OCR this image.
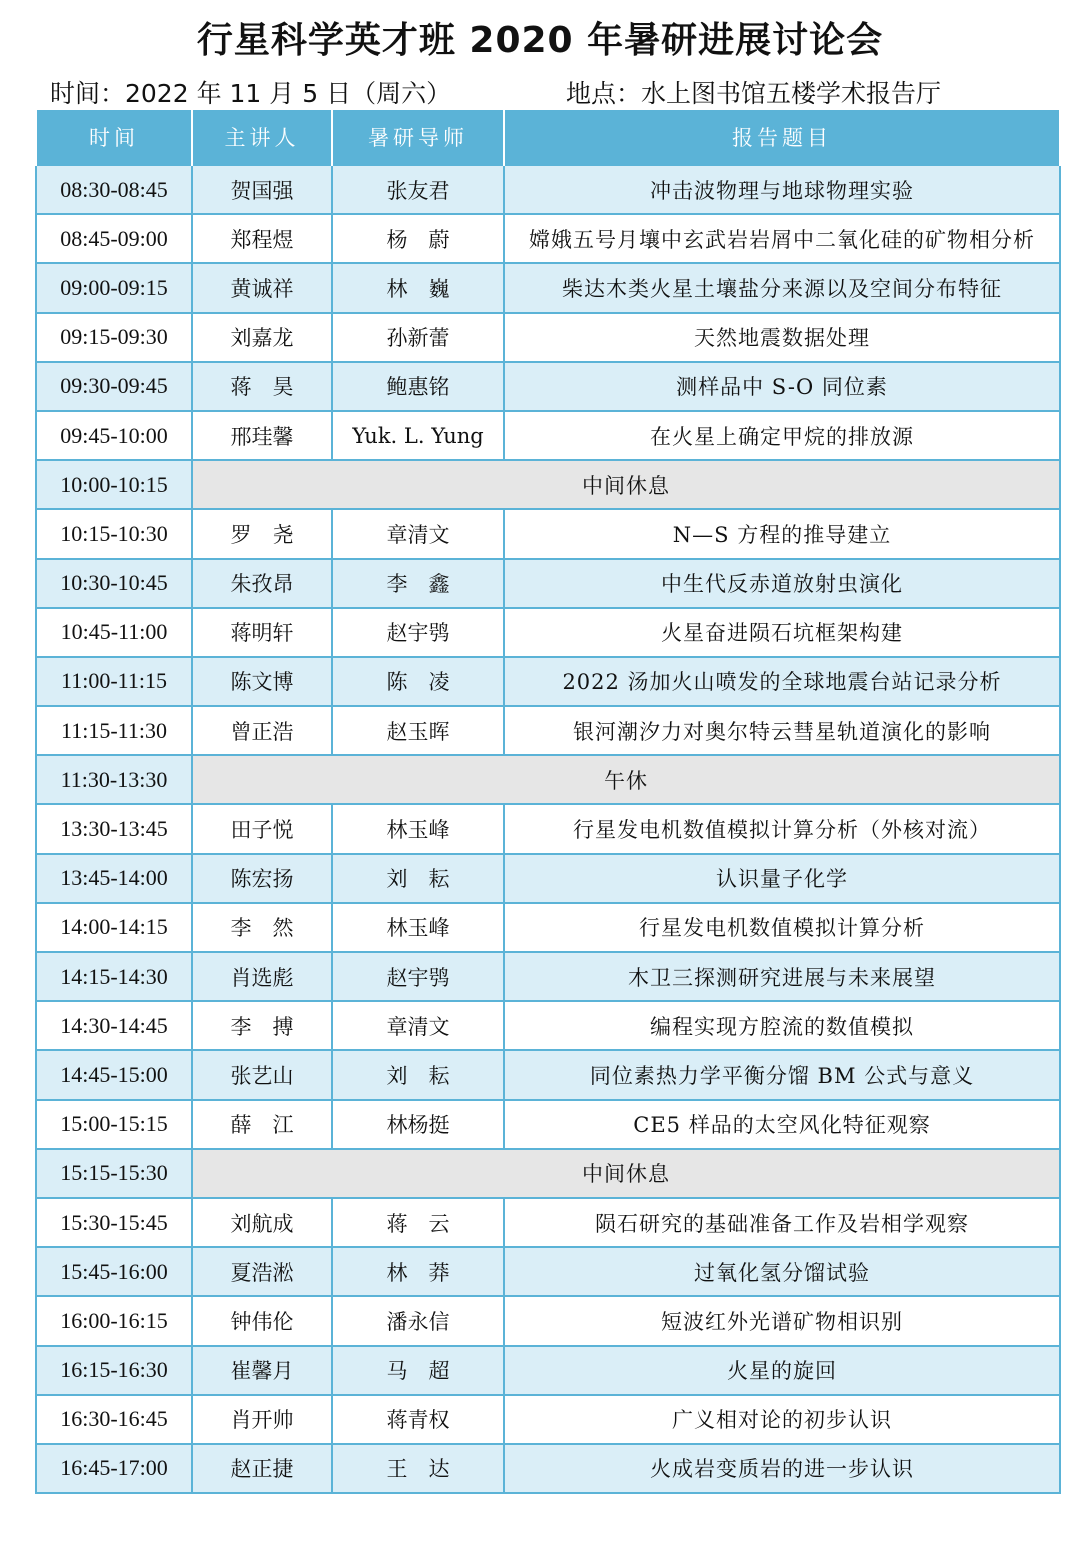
行星科学英才班 2020 年暑研进展讨论会
时间：2022 年 11 月 5 日（周六）	地点：水上图书馆五楼学术报告厅
时间	主讲人	暑研导师	报告题目
08:30-08:45	贺国强	张友君	冲击波物理与地球物理实验
08:45-09:00	郑程煜	杨　蔚	嫦娥五号月壤中玄武岩岩屑中二氧化硅的矿物相分析
09:00-09:15	黄诚祥	林　巍	柴达木类火星土壤盐分来源以及空间分布特征
09:15-09:30	刘嘉龙	孙新蕾	天然地震数据处理
09:30-09:45	蒋　昊	鲍惠铭	测样品中 S-O 同位素
09:45-10:00	邢珪馨	Yuk. L. Yung	在火星上确定甲烷的排放源
10:00-10:15	中间休息		
10:15-10:30	罗　尧	章清文	N—S 方程的推导建立
10:30-10:45	朱孜昂	李　鑫	中生代反赤道放射虫演化
10:45-11:00	蒋明轩	赵宇鸮	火星奋进陨石坑框架构建
11:00-11:15	陈文博	陈　凌	2022 汤加火山喷发的全球地震台站记录分析
11:15-11:30	曾正浩	赵玉晖	银河潮汐力对奥尔特云彗星轨道演化的影响
11:30-13:30	午休		
13:30-13:45	田子悦	林玉峰	行星发电机数值模拟计算分析（外核对流）
13:45-14:00	陈宏扬	刘　耘	认识量子化学
14:00-14:15	李　然	林玉峰	行星发电机数值模拟计算分析
14:15-14:30	肖选彪	赵宇鸮	木卫三探测研究进展与未来展望
14:30-14:45	李　搏	章清文	编程实现方腔流的数值模拟
14:45-15:00	张艺山	刘　耘	同位素热力学平衡分馏 BM 公式与意义
15:00-15:15	薛　江	林杨挺	CE5 样品的太空风化特征观察
15:15-15:30	中间休息		
15:30-15:45	刘航成	蒋　云	陨石研究的基础准备工作及岩相学观察
15:45-16:00	夏浩淞	林　莽	过氧化氢分馏试验
16:00-16:15	钟伟伦	潘永信	短波红外光谱矿物相识别
16:15-16:30	崔馨月	马　超	火星的旋回
16:30-16:45	肖开帅	蒋青权	广义相对论的初步认识
16:45-17:00	赵正捷	王　达	火成岩变质岩的进一步认识
